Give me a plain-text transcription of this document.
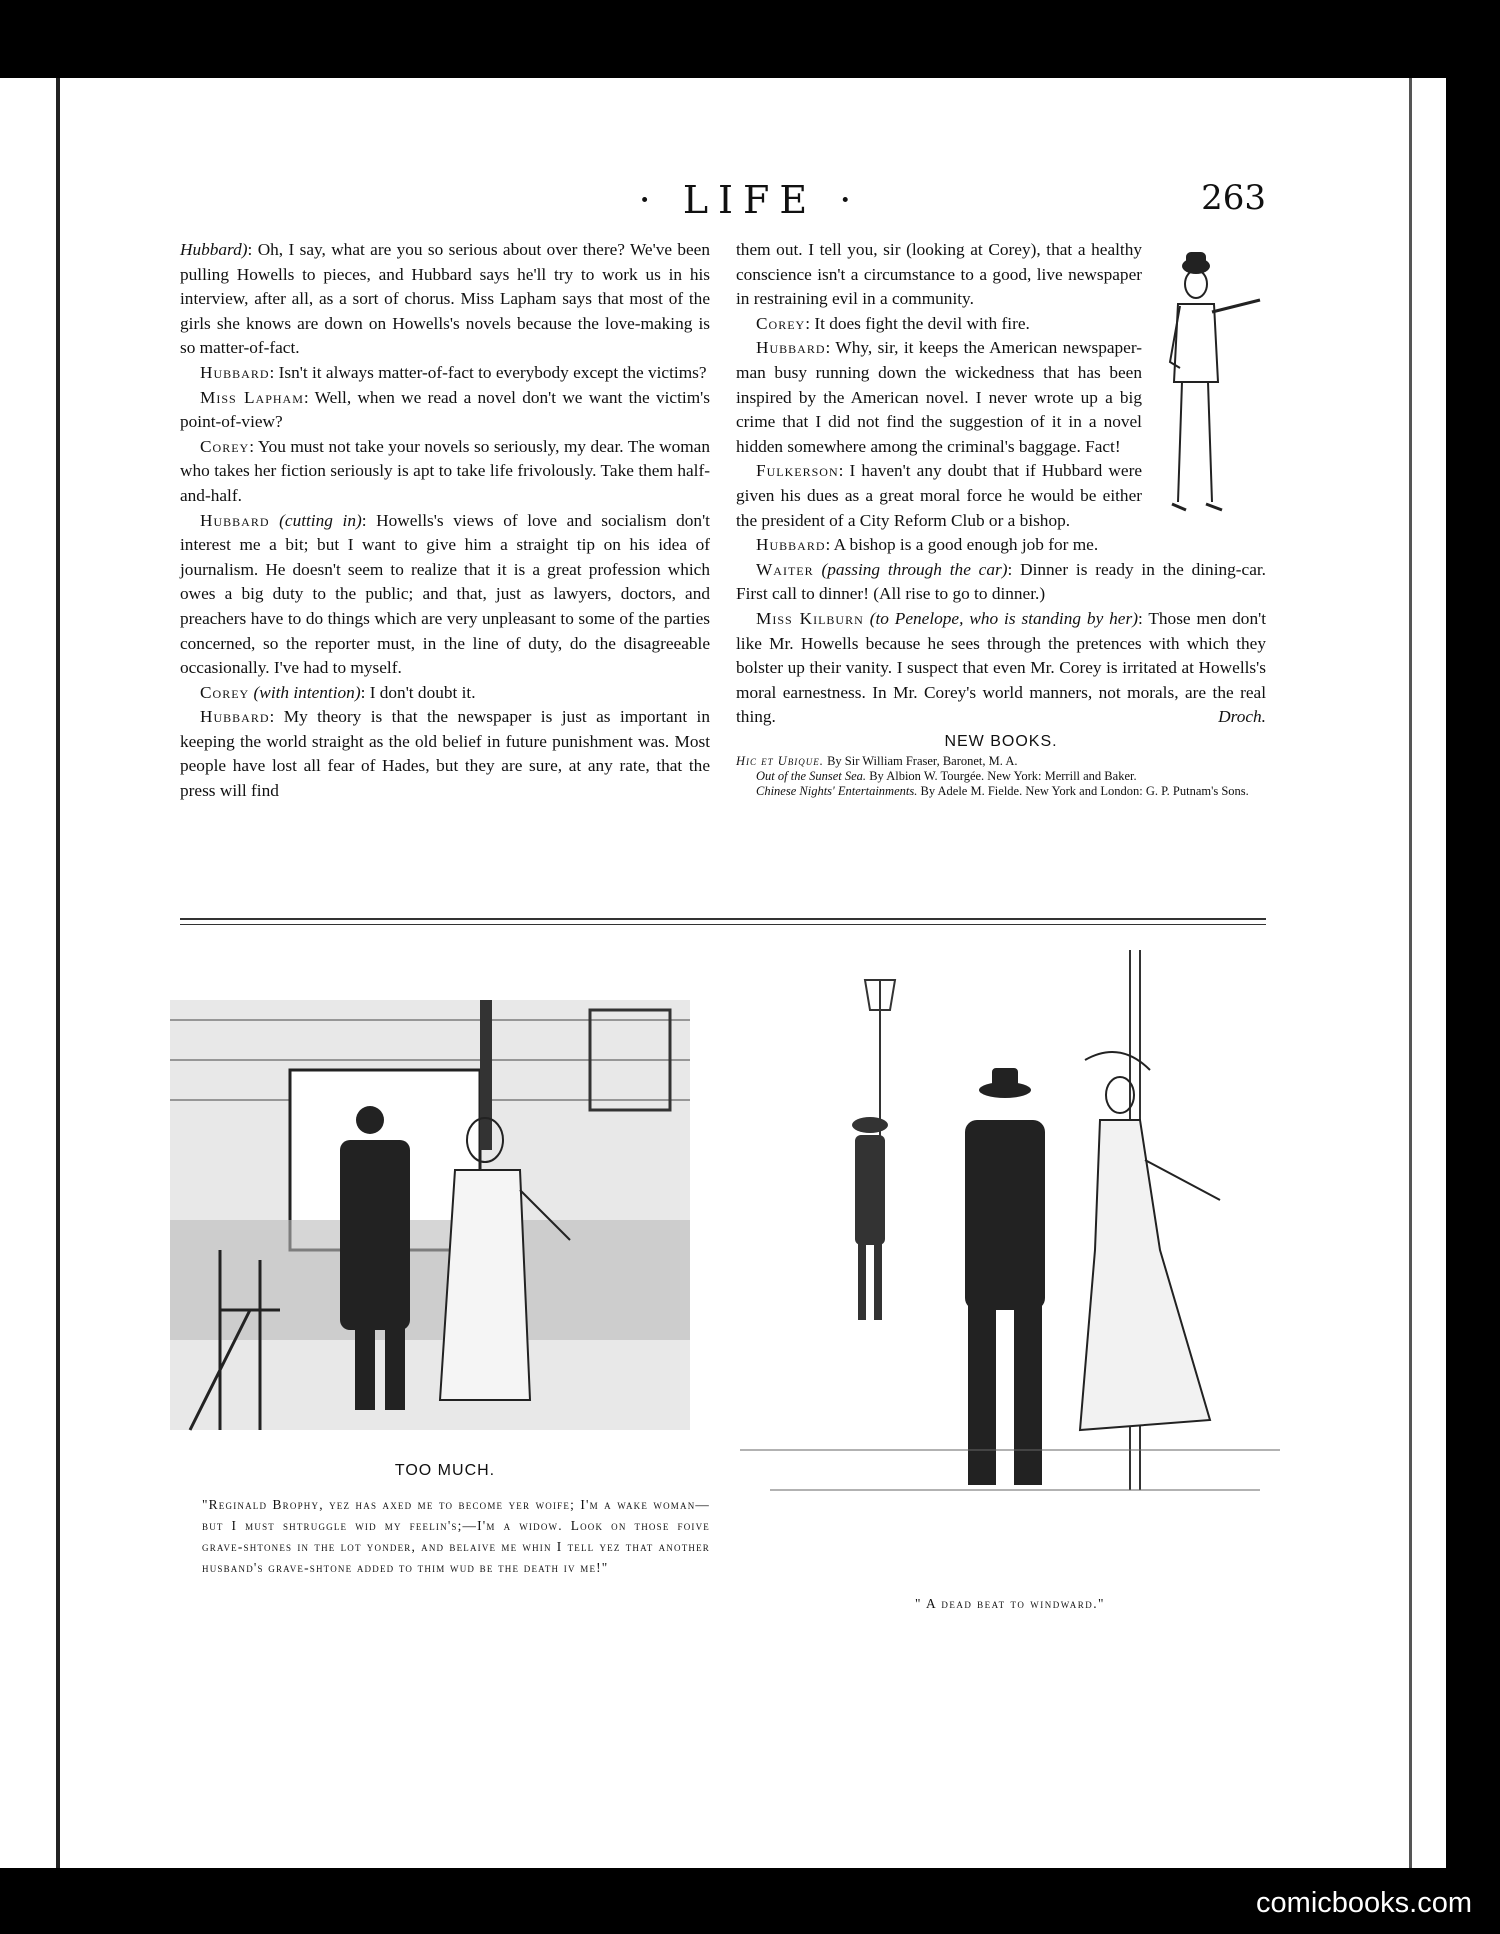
· LIFE ·	263

Hubbard): Oh, I say, what are you so serious about over there? We've been pulling Howells to pieces, and Hubbard says he'll try to work us in his interview, after all, as a sort of chorus. Miss Lapham says that most of the girls she knows are down on Howells's novels because the love-making is so matter-of-fact.

Hubbard: Isn't it always matter-of-fact to everybody except the victims?

Miss Lapham: Well, when we read a novel don't we want the victim's point-of-view?

Corey: You must not take your novels so seriously, my dear. The woman who takes her fiction seriously is apt to take life frivolously. Take them half-and-half.

Hubbard (cutting in): Howells's views of love and socialism don't interest me a bit; but I want to give him a straight tip on his idea of journalism. He doesn't seem to realize that it is a great profession which owes a big duty to the public; and that, just as lawyers, doctors, and preachers have to do things which are very unpleasant to some of the parties concerned, so the reporter must, in the line of duty, do the disagreeable occasionally. I've had to myself.

Corey (with intention): I don't doubt it.

Hubbard: My theory is that the newspaper is just as important in keeping the world straight as the old belief in future punishment was. Most people have lost all fear of Hades, but they are sure, at any rate, that the press will find

them out. I tell you, sir (looking at Corey), that a healthy conscience isn't a circumstance to a good, live newspaper in restraining evil in a community.

Corey: It does fight the devil with fire.

Hubbard: Why, sir, it keeps the American newspaper-man busy running down the wickedness that has been inspired by the American novel. I never wrote up a big crime that I did not find the suggestion of it in a novel hidden somewhere among the criminal's baggage. Fact!

Fulkerson: I haven't any doubt that if Hubbard were given his dues as a great moral force he would be either the president of a City Reform Club or a bishop.

Hubbard: A bishop is a good enough job for me.

Waiter (passing through the car): Dinner is ready in the dining-car. First call to dinner! (All rise to go to dinner.)

Miss Kilburn (to Penelope, who is standing by her): Those men don't like Mr. Howells because he sees through the pretences with which they bolster up their vanity. I suspect that even Mr. Corey is irritated at Howells's moral earnestness. In Mr. Corey's world manners, not morals, are the real thing.	Droch.

NEW BOOKS.

Hic et Ubique. By Sir William Fraser, Baronet, M. A.

Out of the Sunset Sea. By Albion W. Tourgée. New York: Merrill and Baker.

Chinese Nights' Entertainments. By Adele M. Fielde. New York and London: G. P. Putnam's Sons.

TOO MUCH.
"Reginald Brophy, yez has axed me to become yer woife; I'm a wake woman—but I must shtruggle wid my feelin's;—I'm a widow. Look on those foive grave-shtones in the lot yonder, and belaive me whin I tell yez that another husband's grave-shtone added to thim wud be the death iv me!"
" A dead beat to windward."
comicbooks.com
